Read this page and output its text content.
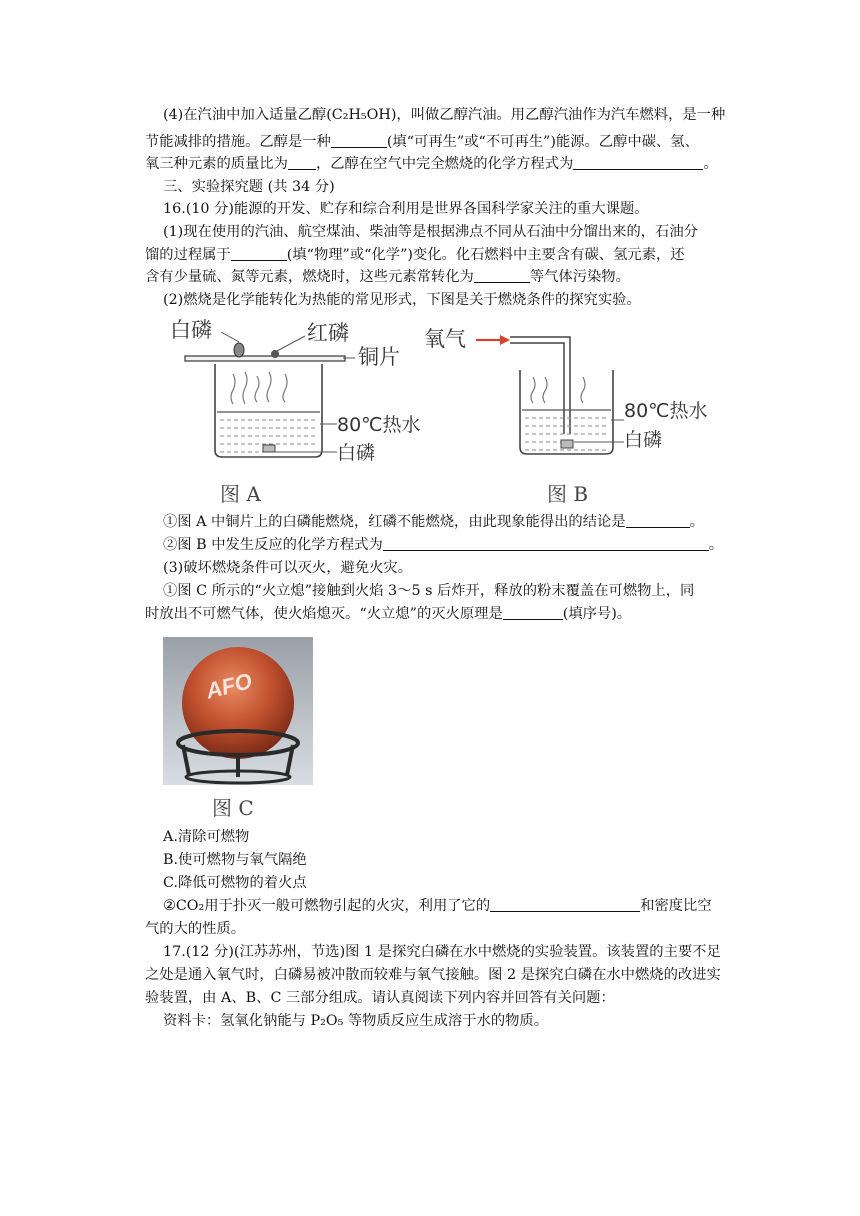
(4)在汽油中加入适量乙醇(C₂H₅OH)，叫做乙醇汽油。用乙醇汽油作为汽车燃料，是一种
节能减排的措施。乙醇是一种	(填“可再生”或“不可再生”)能源。乙醇中碳、氢、
氧三种元素的质量比为 ，乙醇在空气中完全燃烧的化学方程式为	。
三、实验探究题 (共 34 分)
16.(10 分)能源的开发、贮存和综合利用是世界各国科学家关注的重大课题。
(1)现在使用的汽油、航空煤油、柴油等是根据沸点不同从石油中分馏出来的，石油分
馏的过程属于	(填“物理”或“化学”)变化。化石燃料中主要含有碳、氢元素，还
含有少量硫、氮等元素，燃烧时，这些元素常转化为	等气体污染物。
(2)燃烧是化学能转化为热能的常见形式，下图是关于燃烧条件的探究实验。
白磷	红磷
铜片
80℃热水
白磷
图 A
氧气
80℃热水
白磷
图 B
①图 A 中铜片上的白磷能燃烧，红磷不能燃烧，由此现象能得出的结论是	。
②图 B 中发生反应的化学方程式为	。
(3)破坏燃烧条件可以灭火，避免火灾。
①图 C 所示的“火立熄”接触到火焰 3～5 s 后炸开，释放的粉末覆盖在可燃物上，同
时放出不可燃气体，使火焰熄灭。“火立熄”的灭火原理是	(填序号)。
AFO
图 C
A.清除可燃物
B.使可燃物与氧气隔绝
C.降低可燃物的着火点
②CO₂用于扑灭一般可燃物引起的火灾，利用了它的	和密度比空
气的大的性质。
17.(12 分)(江苏苏州，节选)图 1 是探究白磷在水中燃烧的实验装置。该装置的主要不足
之处是通入氧气时，白磷易被冲散而较难与氧气接触。图 2 是探究白磷在水中燃烧的改进实
验装置，由 A、B、C 三部分组成。请认真阅读下列内容并回答有关问题：
资料卡：氢氧化钠能与 P₂O₅ 等物质反应生成溶于水的物质。
